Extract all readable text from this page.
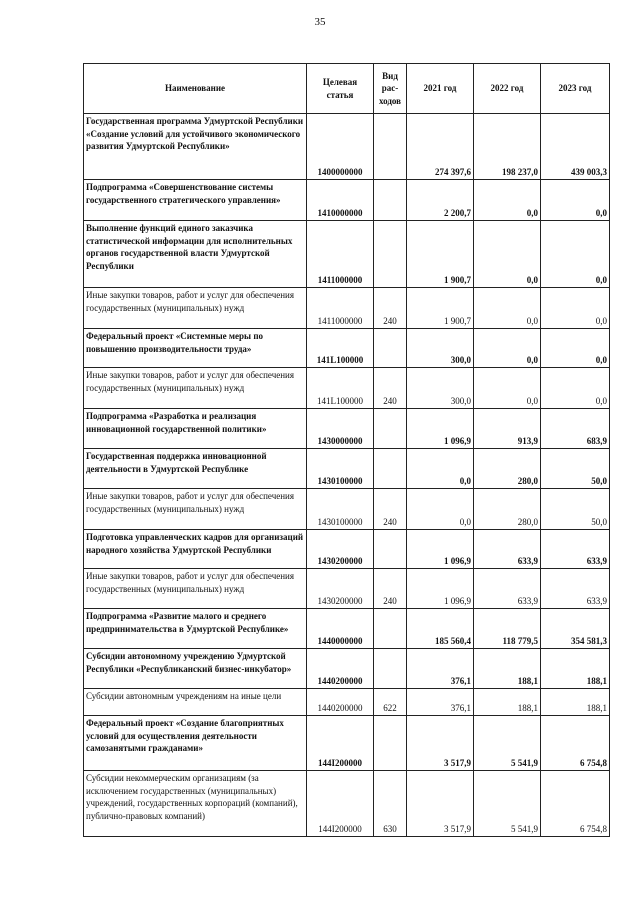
35
Наименование	Целевая статья	Вид рас-ходов	2021 год	2022 год	2023 год
Государственная программа Удмуртской Республики «Создание условий для устойчивого экономического развития Удмуртской Республики»	1400000000		274 397,6	198 237,0	439 003,3
Подпрограмма «Совершенствование системы государственного стратегического управления»	1410000000		2 200,7	0,0	0,0
Выполнение функций единого заказчика статистической информации для исполнительных органов государственной власти Удмуртской Республики	1411000000		1 900,7	0,0	0,0
Иные закупки товаров, работ и услуг для обеспечения государственных (муниципальных) нужд	1411000000	240	1 900,7	0,0	0,0
Федеральный проект «Системные меры по повышению производительности труда»	141L100000		300,0	0,0	0,0
Иные закупки товаров, работ и услуг для обеспечения государственных (муниципальных) нужд	141L100000	240	300,0	0,0	0,0
Подпрограмма «Разработка и реализация инновационной государственной политики»	1430000000		1 096,9	913,9	683,9
Государственная поддержка инновационной деятельности в Удмуртской Республике	1430100000		0,0	280,0	50,0
Иные закупки товаров, работ и услуг для обеспечения государственных (муниципальных) нужд	1430100000	240	0,0	280,0	50,0
Подготовка управленческих кадров для организаций народного хозяйства Удмуртской Республики	1430200000		1 096,9	633,9	633,9
Иные закупки товаров, работ и услуг для обеспечения государственных (муниципальных) нужд	1430200000	240	1 096,9	633,9	633,9
Подпрограмма «Развитие малого и среднего предпринимательства в Удмуртской Республике»	1440000000		185 560,4	118 779,5	354 581,3
Субсидии автономному учреждению Удмуртской Республики «Республиканский бизнес-инкубатор»	1440200000		376,1	188,1	188,1
Субсидии автономным учреждениям на иные цели	1440200000	622	376,1	188,1	188,1
Федеральный проект «Создание благоприятных условий для осуществления деятельности самозанятыми гражданами»	144I200000		3 517,9	5 541,9	6 754,8
Субсидии некоммерческим организациям (за исключением государственных (муниципальных) учреждений, государственных корпораций (компаний), публично-правовых компаний)	144I200000	630	3 517,9	5 541,9	6 754,8
